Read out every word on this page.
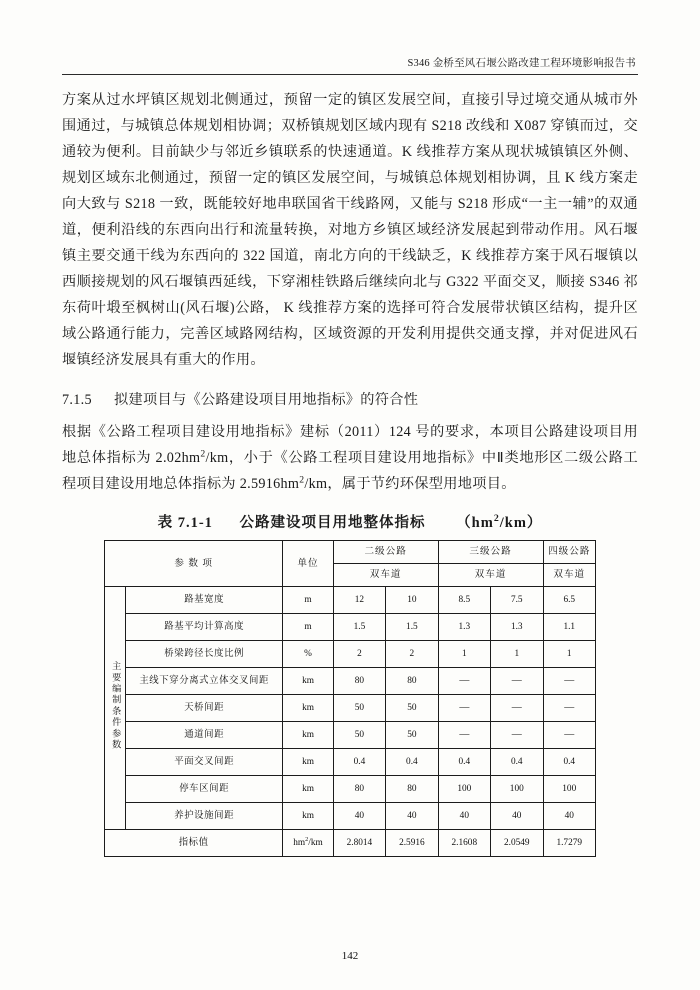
S346 金桥至风石堰公路改建工程环境影响报告书

方案从过水坪镇区规划北侧通过，预留一定的镇区发展空间，直接引导过境交通从城市外围通过，与城镇总体规划相协调；双桥镇规划区域内现有 S218 改线和 X087 穿镇而过，交通较为便利。目前缺少与邻近乡镇联系的快速通道。K 线推荐方案从现状城镇镇区外侧、规划区域东北侧通过，预留一定的镇区发展空间，与城镇总体规划相协调，且 K 线方案走向大致与 S218 一致，既能较好地串联国省干线路网，又能与 S218 形成“一主一辅”的双通道，便利沿线的东西向出行和流量转换，对地方乡镇区域经济发展起到带动作用。风石堰镇主要交通干线为东西向的 322 国道，南北方向的干线缺乏，K 线推荐方案于风石堰镇以西顺接规划的风石堰镇西延线，下穿湘桂铁路后继续向北与 G322 平面交叉，顺接 S346 祁东荷叶塅至枫树山(风石堰)公路， K 线推荐方案的选择可符合发展带状镇区结构，提升区域公路通行能力，完善区域路网结构，区域资源的开发利用提供交通支撑，并对促进风石堰镇经济发展具有重大的作用。

7.1.5 拟建项目与《公路建设项目用地指标》的符合性

根据《公路工程项目建设用地指标》建标（2011）124 号的要求，本项目公路建设项目用地总体指标为 $2.02hm^2/km$，小于《公路工程项目建设用地指标》中Ⅱ类地形区二级公路工程项目建设用地总体指标为 $2.5916hm^2/km$，属于节约环保型用地项目。

表 7.1-1 公路建设项目用地整体指标 $(hm^2/km)$
参 数 项		单位	二级公路		三级公路		四级公路
			双车道		双车道		双车道
主要编制条件参数	路基宽度	m	12	10	8.5	7.5	6.5
	路基平均计算高度	m	1.5	1.5	1.3	1.3	1.1
	桥梁跨径长度比例	%	2	2	1	1	1
	主线下穿分离式立体交叉间距	km	80	80	—	—	—
	天桥间距	km	50	50	—	—	—
	通道间距	km	50	50	—	—	—
	平面交叉间距	km	0.4	0.4	0.4	0.4	0.4
	停车区间距	km	80	80	100	100	100
	养护设施间距	km	40	40	40	40	40
指标值		$hm^2/km$	2.8014	2.5916	2.1608	2.0549	1.7279
142
